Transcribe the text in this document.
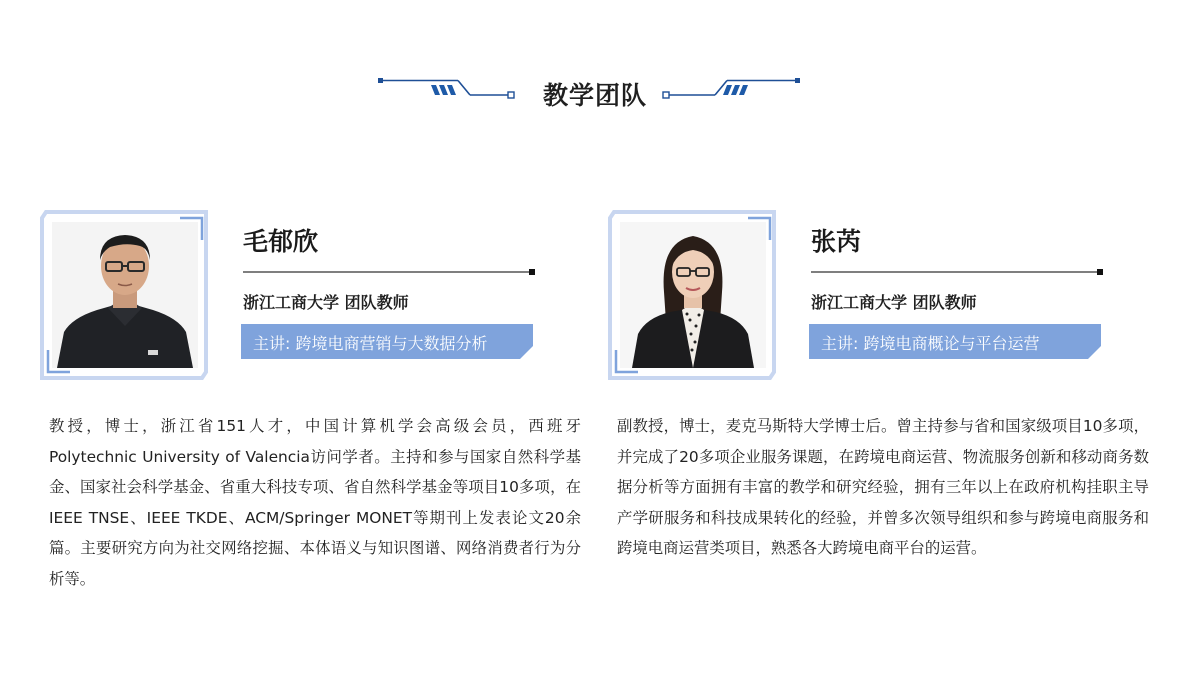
教学团队
毛郁欣
浙江工商大学 团队教师
主讲: 跨境电商营销与大数据分析
教授，博士，浙江省151人才，中国计算机学会高级会员，西班牙Polytechnic University of Valencia访问学者。主持和参与国家自然科学基金、国家社会科学基金、省重大科技专项、省自然科学基金等项目10多项，在IEEE TNSE、IEEE TKDE、ACM/Springer MONET等期刊上发表论文20余篇。主要研究方向为社交网络挖掘、本体语义与知识图谱、网络消费者行为分析等。
张芮
浙江工商大学 团队教师
主讲: 跨境电商概论与平台运营
副教授，博士，麦克马斯特大学博士后。曾主持参与省和国家级项目10多项，并完成了20多项企业服务课题，在跨境电商运营、物流服务创新和移动商务数据分析等方面拥有丰富的教学和研究经验，拥有三年以上在政府机构挂职主导产学研服务和科技成果转化的经验，并曾多次领导组织和参与跨境电商服务和跨境电商运营类项目，熟悉各大跨境电商平台的运营。
